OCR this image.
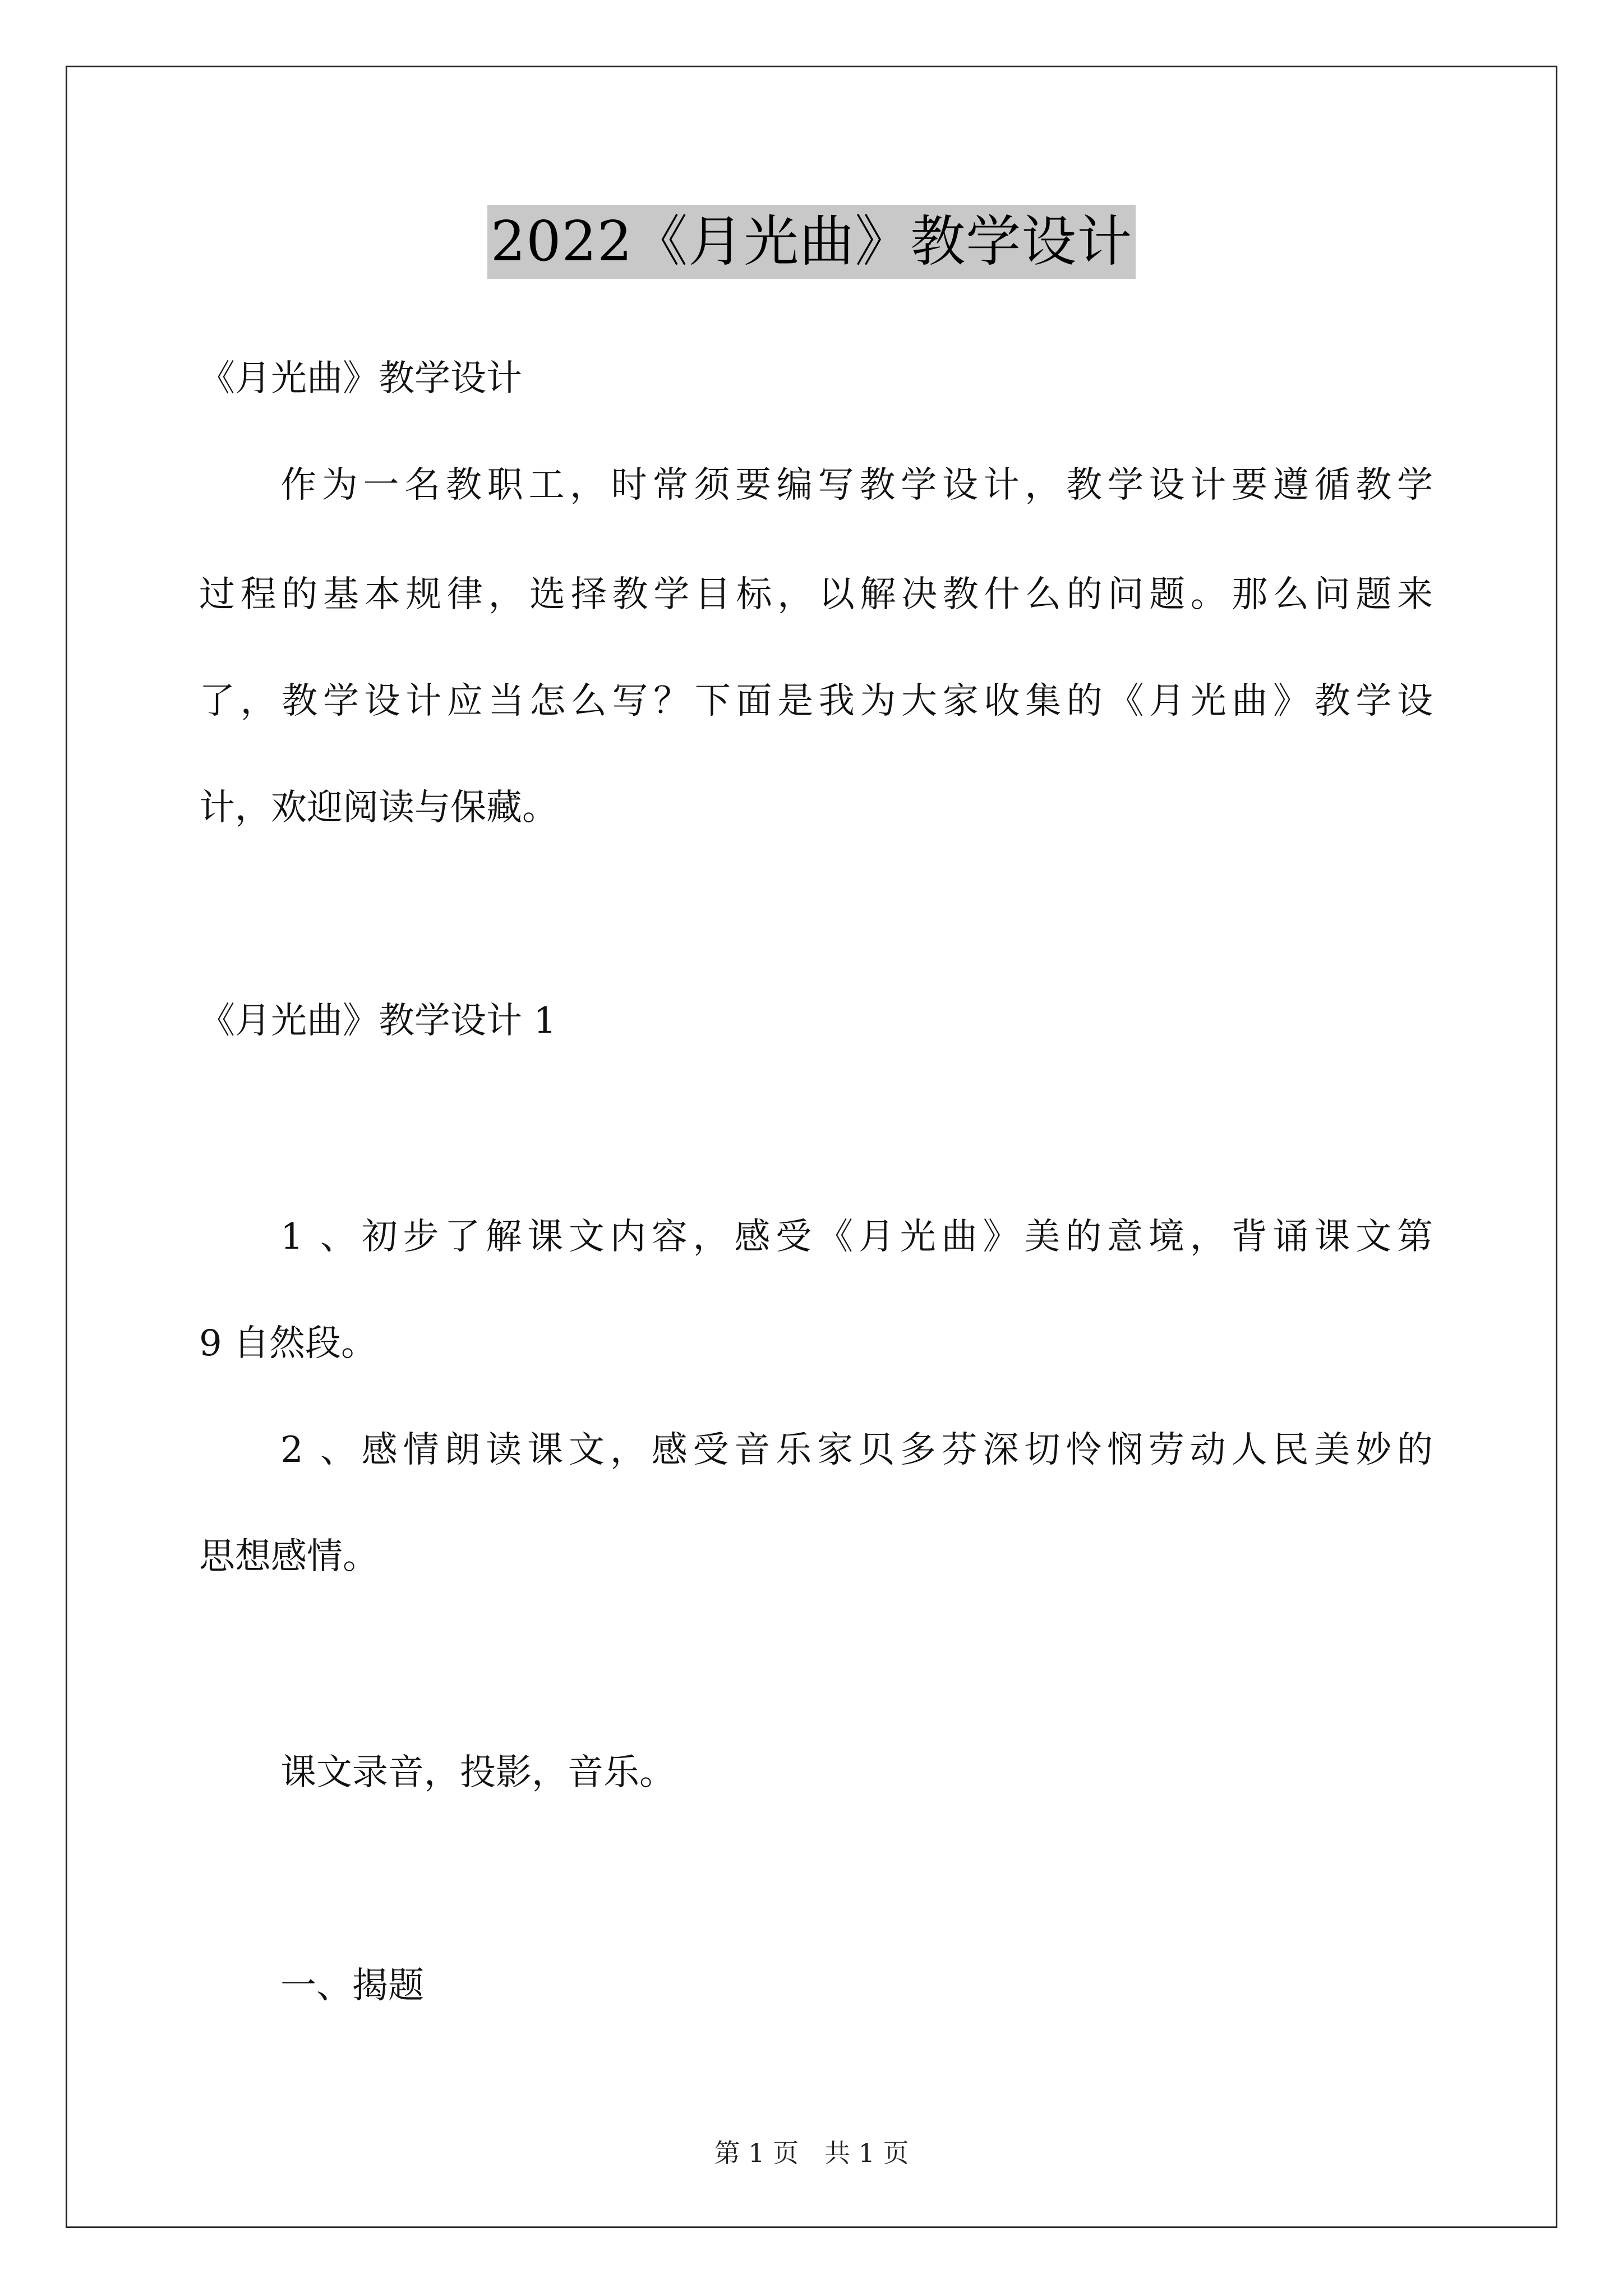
2022《月光曲》教学设计
《月光曲》教学设计
作为一名教职工，时常须要编写教学设计，教学设计要遵循教学
过程的基本规律，选择教学目标，以解决教什么的问题。那么问题来
了，教学设计应当怎么写？下面是我为大家收集的《月光曲》教学设
计，欢迎阅读与保藏。
《月光曲》教学设计 1
1 、初步了解课文内容，感受《月光曲》美的意境，背诵课文第
9 自然段。
2 、感情朗读课文，感受音乐家贝多芬深切怜悯劳动人民美妙的
思想感情。
课文录音，投影，音乐。
一、揭题
第 1 页　共 1 页
